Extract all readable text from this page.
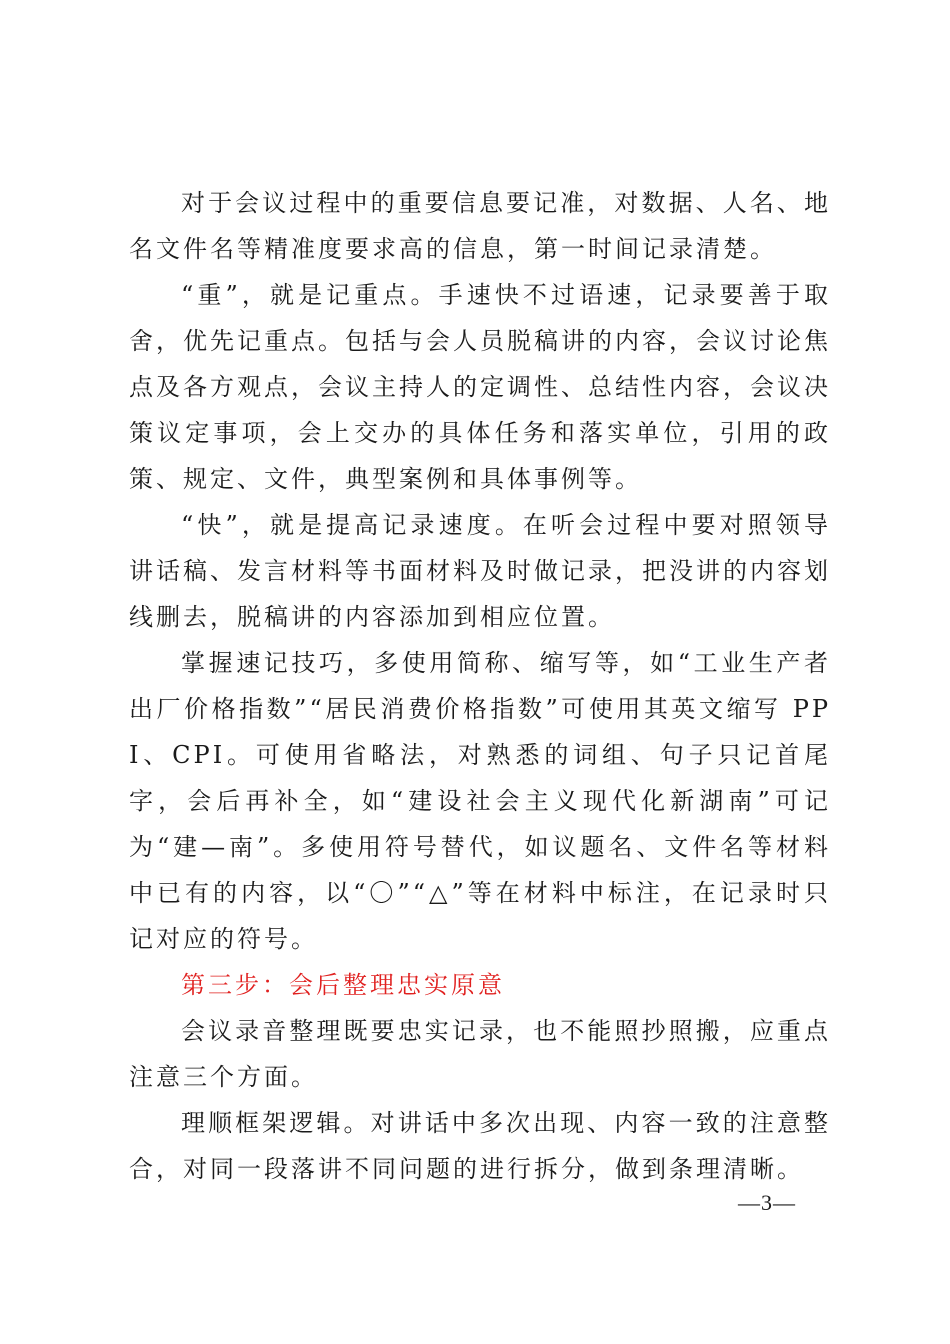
对于会议过程中的重要信息要记准，对数据、人名、地名文件名等精准度要求高的信息，第一时间记录清楚。

“重”，就是记重点。手速快不过语速，记录要善于取舍，优先记重点。包括与会人员脱稿讲的内容，会议讨论焦点及各方观点，会议主持人的定调性、总结性内容，会议决策议定事项，会上交办的具体任务和落实单位，引用的政策、规定、文件，典型案例和具体事例等。

“快”，就是提高记录速度。在听会过程中要对照领导讲话稿、发言材料等书面材料及时做记录，把没讲的内容划线删去，脱稿讲的内容添加到相应位置。

掌握速记技巧，多使用简称、缩写等，如“工业生产者出厂价格指数”“居民消费价格指数”可使用其英文缩写 PPI、CPI。可使用省略法，对熟悉的词组、句子只记首尾字，会后再补全，如“建设社会主义现代化新湖南”可记为“建—南”。多使用符号替代，如议题名、文件名等材料中已有的内容，以“〇”“△”等在材料中标注，在记录时只记对应的符号。

第三步：会后整理忠实原意

会议录音整理既要忠实记录，也不能照抄照搬，应重点注意三个方面。

理顺框架逻辑。对讲话中多次出现、内容一致的注意整合，对同一段落讲不同问题的进行拆分，做到条理清晰。

—3—
